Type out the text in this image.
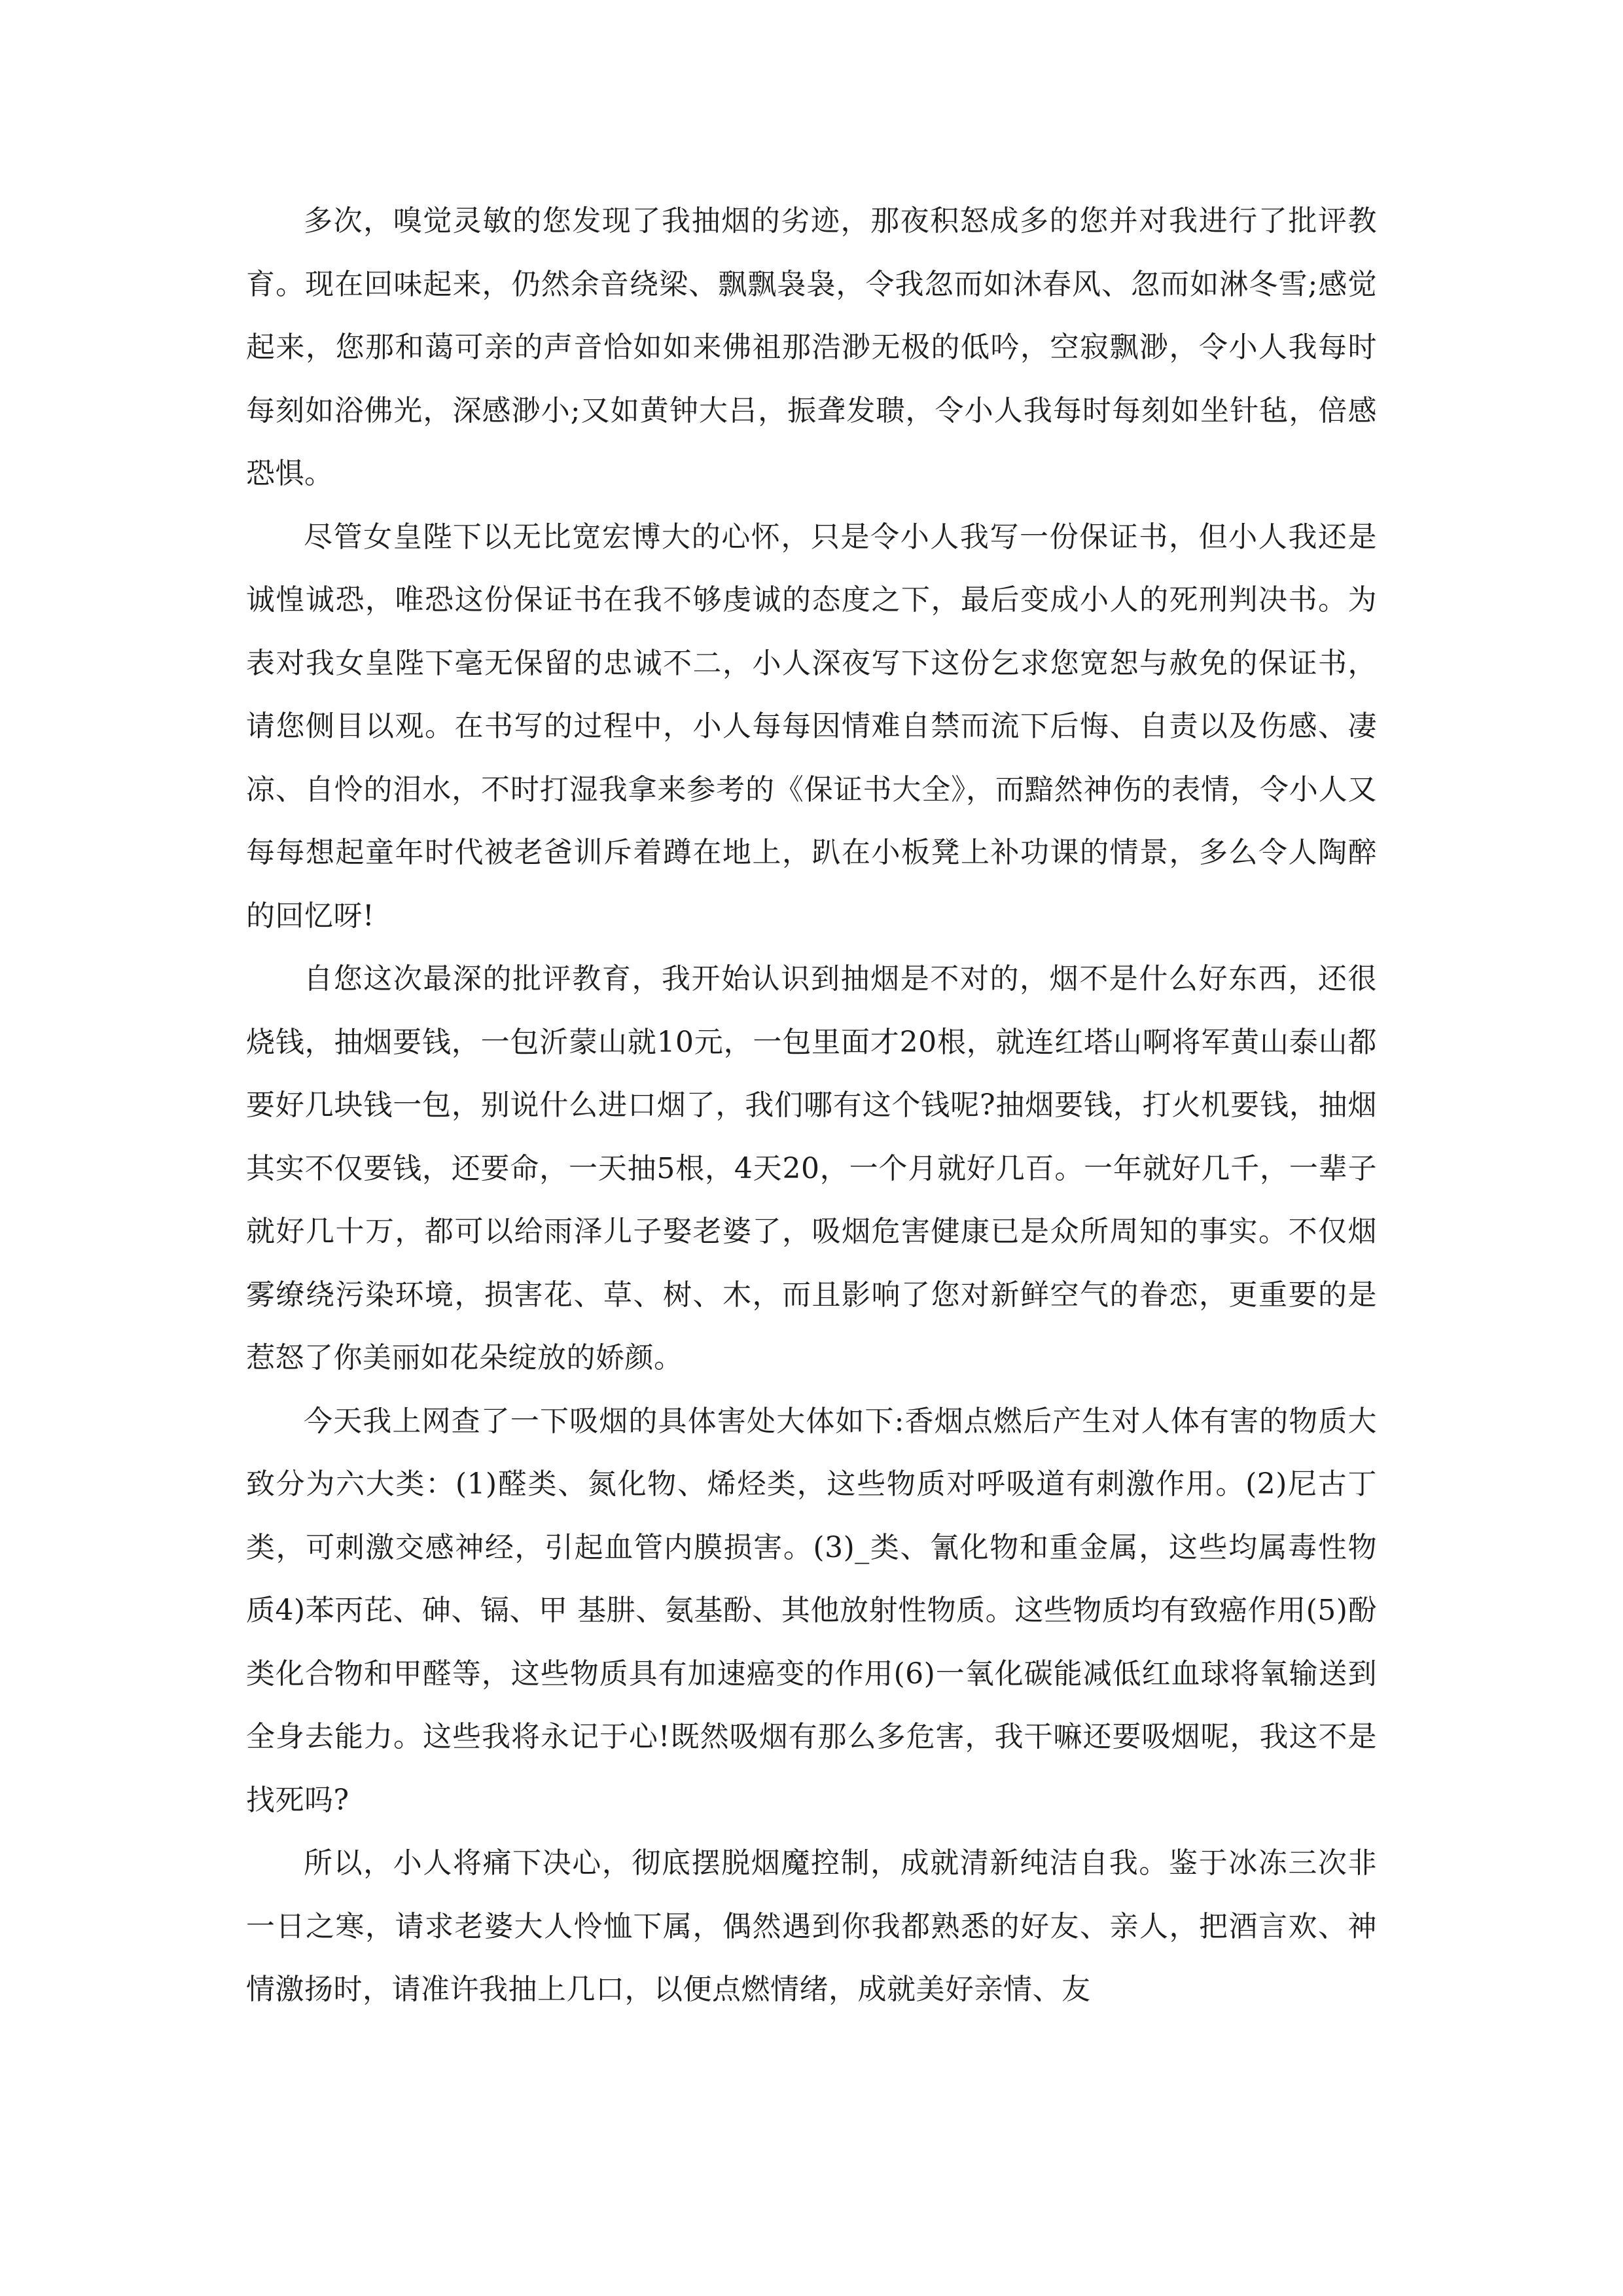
多次，嗅觉灵敏的您发现了我抽烟的劣迹，那夜积怒成多的您并对我进行了批评教育。现在回味起来，仍然余音绕梁、飘飘袅袅，令我忽而如沐春风、忽而如淋冬雪;感觉起来，您那和蔼可亲的声音恰如如来佛祖那浩渺无极的低吟，空寂飘渺，令小人我每时每刻如浴佛光，深感渺小;又如黄钟大吕，振聋发聩，令小人我每时每刻如坐针毡，倍感恐惧。

尽管女皇陛下以无比宽宏博大的心怀，只是令小人我写一份保证书，但小人我还是诚惶诚恐，唯恐这份保证书在我不够虔诚的态度之下，最后变成小人的死刑判决书。为表对我女皇陛下毫无保留的忠诚不二，小人深夜写下这份乞求您宽恕与赦免的保证书，请您侧目以观。在书写的过程中，小人每每因情难自禁而流下后悔、自责以及伤感、凄凉、自怜的泪水，不时打湿我拿来参考的《保证书大全》，而黯然神伤的表情，令小人又每每想起童年时代被老爸训斥着蹲在地上，趴在小板凳上补功课的情景，多么令人陶醉的回忆呀!

自您这次最深的批评教育，我开始认识到抽烟是不对的，烟不是什么好东西，还很烧钱，抽烟要钱，一包沂蒙山就10元，一包里面才20根，就连红塔山啊将军黄山泰山都要好几块钱一包，别说什么进口烟了，我们哪有这个钱呢?抽烟要钱，打火机要钱，抽烟其实不仅要钱，还要命，一天抽5根，4天20，一个月就好几百。一年就好几千，一辈子就好几十万，都可以给雨泽儿子娶老婆了，吸烟危害健康已是众所周知的事实。不仅烟雾缭绕污染环境，损害花、草、树、木，而且影响了您对新鲜空气的眷恋，更重要的是惹怒了你美丽如花朵绽放的娇颜。

今天我上网查了一下吸烟的具体害处大体如下:香烟点燃后产生对人体有害的物质大致分为六大类：(1)醛类、氮化物、烯烃类，这些物质对呼吸道有刺激作用。(2)尼古丁类，可刺激交感神经，引起血管内膜损害。(3)_类、氰化物和重金属，这些均属毒性物质4)苯丙芘、砷、镉、甲 基肼、氨基酚、其他放射性物质。这些物质均有致癌作用(5)酚类化合物和甲醛等，这些物质具有加速癌变的作用(6)一氧化碳能减低红血球将氧输送到全身去能力。这些我将永记于心!既然吸烟有那么多危害，我干嘛还要吸烟呢，我这不是找死吗?

所以，小人将痛下决心，彻底摆脱烟魔控制，成就清新纯洁自我。鉴于冰冻三次非一日之寒，请求老婆大人怜恤下属，偶然遇到你我都熟悉的好友、亲人，把酒言欢、神情激扬时，请准许我抽上几口，以便点燃情绪，成就美好亲情、友
